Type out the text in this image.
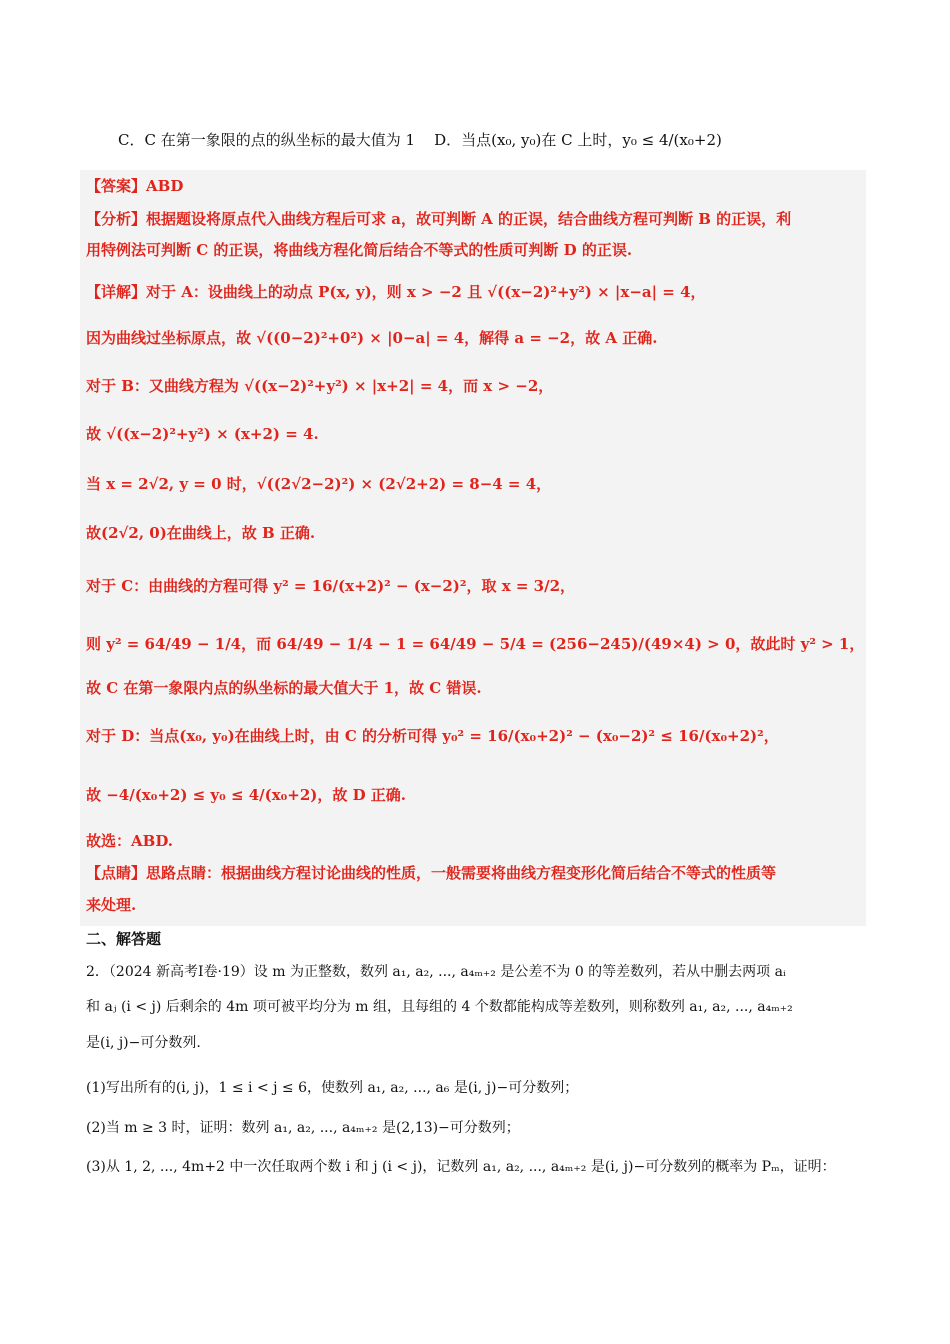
C．C 在第一象限的点的纵坐标的最大值为 1 D．当点(x₀, y₀)在 C 上时，y₀ ≤ 4/(x₀+2)
【答案】ABD
【分析】根据题设将原点代入曲线方程后可求 a，故可判断 A 的正误，结合曲线方程可判断 B 的正误，利
用特例法可判断 C 的正误，将曲线方程化简后结合不等式的性质可判断 D 的正误.
【详解】对于 A：设曲线上的动点 P(x, y)，则 x > −2 且 √((x−2)²+y²) × |x−a| = 4，
因为曲线过坐标原点，故 √((0−2)²+0²) × |0−a| = 4，解得 a = −2，故 A 正确.
对于 B：又曲线方程为 √((x−2)²+y²) × |x+2| = 4，而 x > −2，
故 √((x−2)²+y²) × (x+2) = 4.
当 x = 2√2, y = 0 时，√((2√2−2)²) × (2√2+2) = 8−4 = 4，
故(2√2, 0)在曲线上，故 B 正确.
对于 C：由曲线的方程可得 y² = 16/(x+2)² − (x−2)²，取 x = 3/2，
则 y² = 64/49 − 1/4，而 64/49 − 1/4 − 1 = 64/49 − 5/4 = (256−245)/(49×4) > 0，故此时 y² > 1，
故 C 在第一象限内点的纵坐标的最大值大于 1，故 C 错误.
对于 D：当点(x₀, y₀)在曲线上时，由 C 的分析可得 y₀² = 16/(x₀+2)² − (x₀−2)² ≤ 16/(x₀+2)²，
故 −4/(x₀+2) ≤ y₀ ≤ 4/(x₀+2)，故 D 正确.
故选：ABD.
【点睛】思路点睛：根据曲线方程讨论曲线的性质，一般需要将曲线方程变形化简后结合不等式的性质等
来处理.
二、解答题
2．（2024 新高考Ⅰ卷·19）设 m 为正整数，数列 a₁, a₂, ..., a₄ₘ₊₂ 是公差不为 0 的等差数列，若从中删去两项 aᵢ
和 aⱼ (i < j) 后剩余的 4m 项可被平均分为 m 组，且每组的 4 个数都能构成等差数列，则称数列 a₁, a₂, ..., a₄ₘ₊₂
是(i, j)−可分数列.
(1)写出所有的(i, j)，1 ≤ i < j ≤ 6，使数列 a₁, a₂, ..., a₆ 是(i, j)−可分数列；
(2)当 m ≥ 3 时，证明：数列 a₁, a₂, ..., a₄ₘ₊₂ 是(2,13)−可分数列；
(3)从 1, 2, ..., 4m+2 中一次任取两个数 i 和 j (i < j)，记数列 a₁, a₂, ..., a₄ₘ₊₂ 是(i, j)−可分数列的概率为 Pₘ，证明：
